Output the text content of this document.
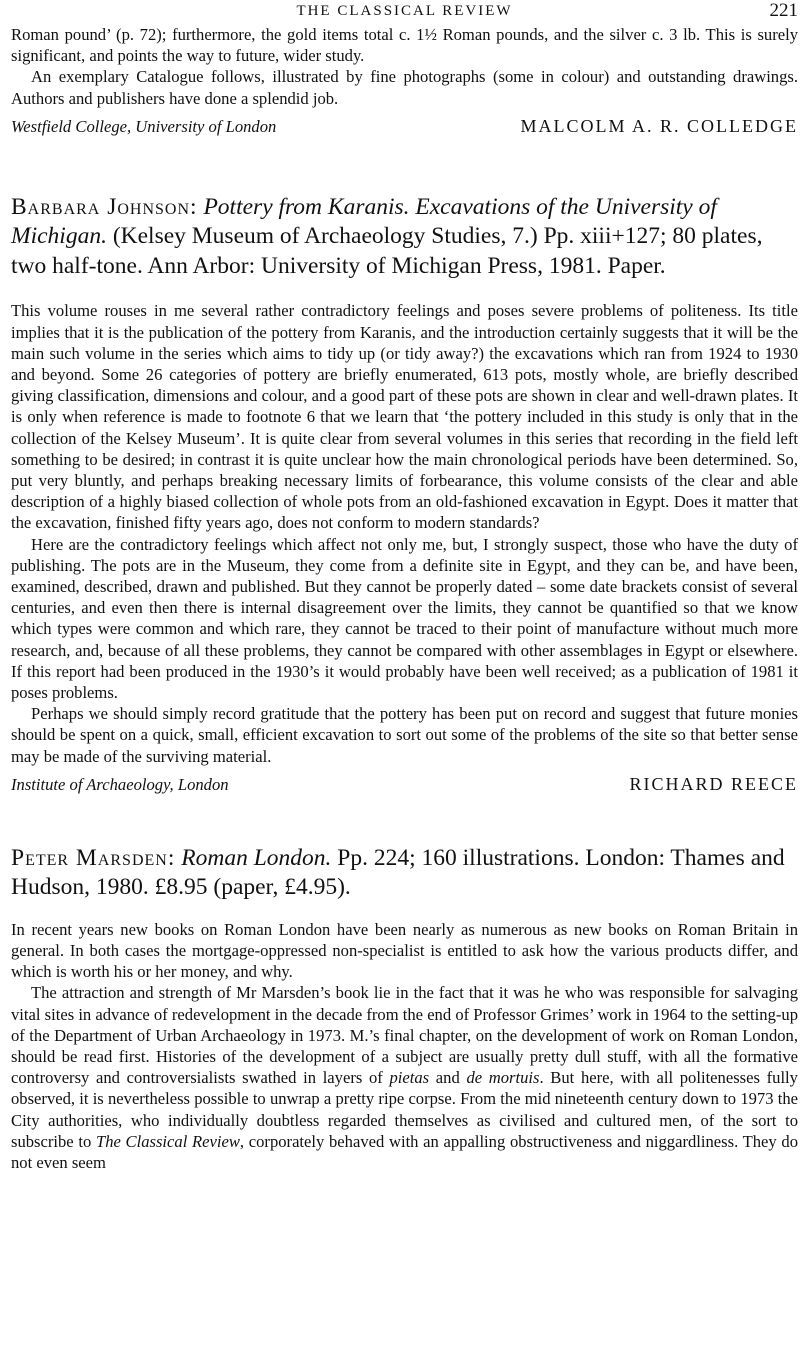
THE CLASSICAL REVIEW	221

Roman pound’ (p. 72); furthermore, the gold items total c. 1½ Roman pounds, and the silver c. 3 lb. This is surely significant, and points the way to future, wider study.

An exemplary Catalogue follows, illustrated by fine photographs (some in colour) and outstanding drawings. Authors and publishers have done a splendid job.

Westfield College, University of London	MALCOLM A. R. COLLEDGE
Barbara Johnson: Pottery from Karanis. Excavations of the University of Michigan. (Kelsey Museum of Archaeology Studies, 7.) Pp. xiii+127; 80 plates, two half-tone. Ann Arbor: University of Michigan Press, 1981. Paper.

This volume rouses in me several rather contradictory feelings and poses severe problems of politeness. Its title implies that it is the publication of the pottery from Karanis, and the introduction certainly suggests that it will be the main such volume in the series which aims to tidy up (or tidy away?) the excavations which ran from 1924 to 1930 and beyond. Some 26 categories of pottery are briefly enumerated, 613 pots, mostly whole, are briefly described giving classification, dimensions and colour, and a good part of these pots are shown in clear and well-drawn plates. It is only when reference is made to footnote 6 that we learn that ‘the pottery included in this study is only that in the collection of the Kelsey Museum’. It is quite clear from several volumes in this series that recording in the field left something to be desired; in contrast it is quite unclear how the main chronological periods have been determined. So, put very bluntly, and perhaps breaking necessary limits of forbearance, this volume consists of the clear and able description of a highly biased collection of whole pots from an old-fashioned excavation in Egypt. Does it matter that the excavation, finished fifty years ago, does not conform to modern standards?

Here are the contradictory feelings which affect not only me, but, I strongly suspect, those who have the duty of publishing. The pots are in the Museum, they come from a definite site in Egypt, and they can be, and have been, examined, described, drawn and published. But they cannot be properly dated – some date brackets consist of several centuries, and even then there is internal disagreement over the limits, they cannot be quantified so that we know which types were common and which rare, they cannot be traced to their point of manufacture without much more research, and, because of all these problems, they cannot be compared with other assemblages in Egypt or elsewhere. If this report had been produced in the 1930’s it would probably have been well received; as a publication of 1981 it poses problems.

Perhaps we should simply record gratitude that the pottery has been put on record and suggest that future monies should be spent on a quick, small, efficient excavation to sort out some of the problems of the site so that better sense may be made of the surviving material.

Institute of Archaeology, London	RICHARD REECE
Peter Marsden: Roman London. Pp. 224; 160 illustrations. London: Thames and Hudson, 1980. £8.95 (paper, £4.95).

In recent years new books on Roman London have been nearly as numerous as new books on Roman Britain in general. In both cases the mortgage-oppressed non-specialist is entitled to ask how the various products differ, and which is worth his or her money, and why.

The attraction and strength of Mr Marsden’s book lie in the fact that it was he who was responsible for salvaging vital sites in advance of redevelopment in the decade from the end of Professor Grimes’ work in 1964 to the setting-up of the Department of Urban Archaeology in 1973. M.’s final chapter, on the development of work on Roman London, should be read first. Histories of the development of a subject are usually pretty dull stuff, with all the formative controversy and controversialists swathed in layers of pietas and de mortuis. But here, with all politenesses fully observed, it is nevertheless possible to unwrap a pretty ripe corpse. From the mid nineteenth century down to 1973 the City authorities, who individually doubtless regarded themselves as civilised and cultured men, of the sort to subscribe to The Classical Review, corporately behaved with an appalling obstructiveness and niggardliness. They do not even seem
